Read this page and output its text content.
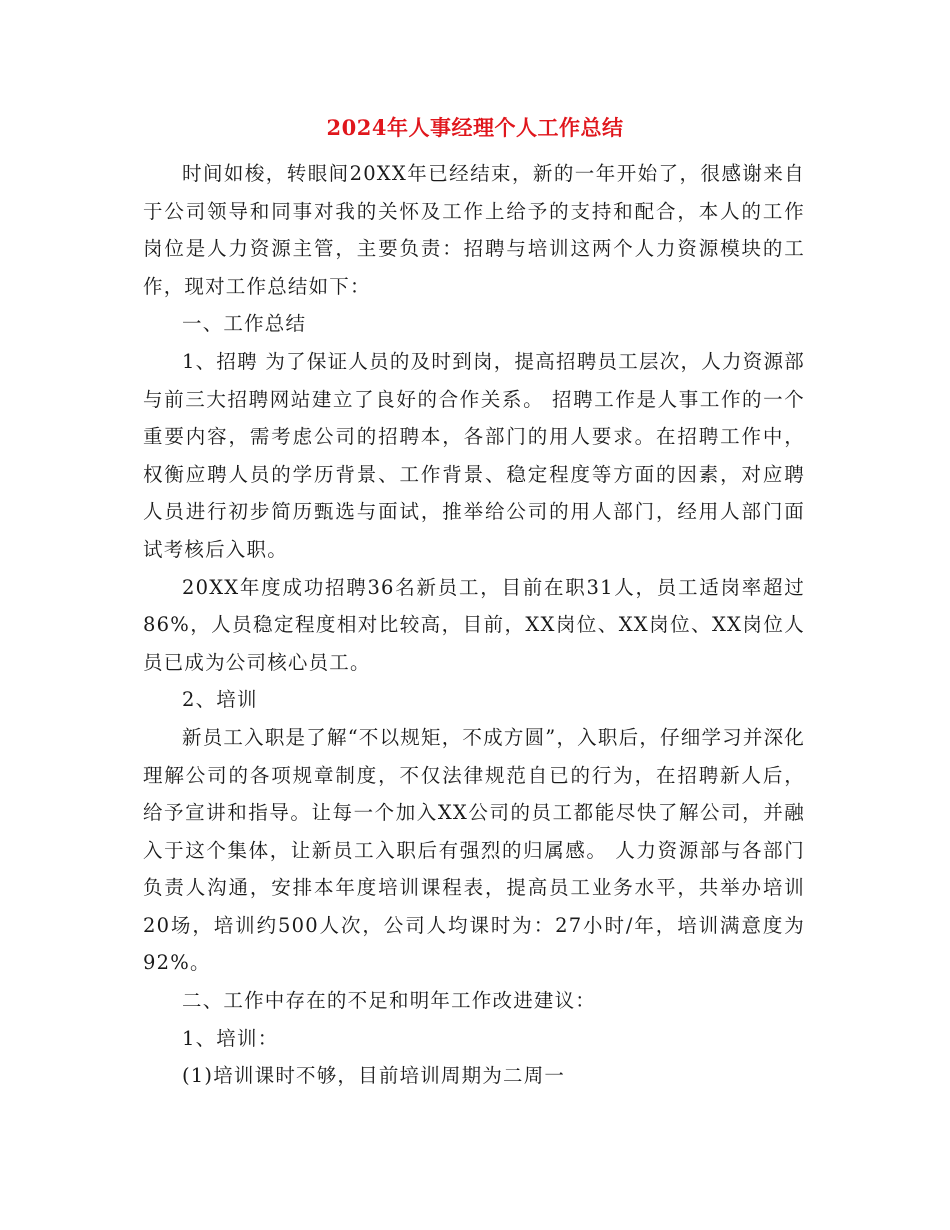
2024年人事经理个人工作总结

时间如梭，转眼间20XX年已经结束，新的一年开始了，很感谢来自于公司领导和同事对我的关怀及工作上给予的支持和配合，本人的工作岗位是人力资源主管，主要负责：招聘与培训这两个人力资源模块的工作，现对工作总结如下：

一、工作总结

1、招聘 为了保证人员的及时到岗，提高招聘员工层次，人力资源部与前三大招聘网站建立了良好的合作关系。 招聘工作是人事工作的一个重要内容，需考虑公司的招聘本，各部门的用人要求。在招聘工作中，权衡应聘人员的学历背景、工作背景、稳定程度等方面的因素，对应聘人员进行初步简历甄选与面试，推举给公司的用人部门，经用人部门面试考核后入职。

20XX年度成功招聘36名新员工，目前在职31人，员工适岗率超过86%，人员稳定程度相对比较高，目前，XX岗位、XX岗位、XX岗位人员已成为公司核心员工。

2、培训

新员工入职是了解“不以规矩，不成方圆”，入职后，仔细学习并深化理解公司的各项规章制度，不仅法律规范自已的行为，在招聘新人后，给予宣讲和指导。让每一个加入XX公司的员工都能尽快了解公司，并融入于这个集体，让新员工入职后有强烈的归属感。 人力资源部与各部门负责人沟通，安排本年度培训课程表，提高员工业务水平，共举办培训20场，培训约500人次，公司人均课时为：27小时/年，培训满意度为92%。

二、工作中存在的不足和明年工作改进建议：

1、培训：

(1)培训课时不够，目前培训周期为二周一
